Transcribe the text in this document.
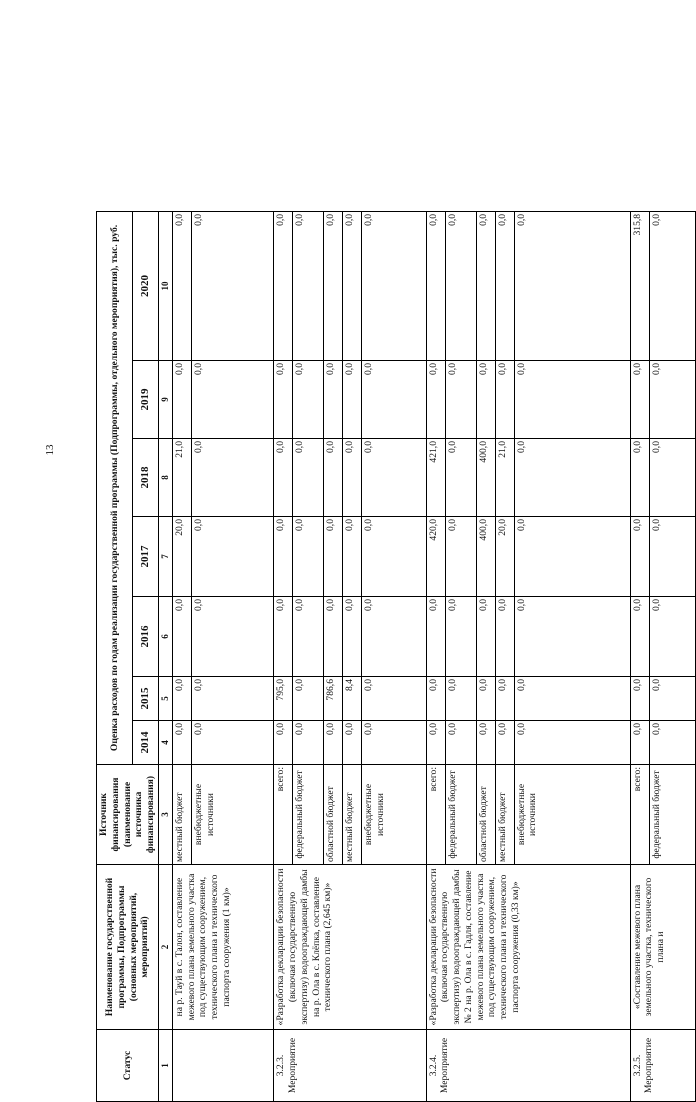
13
Статус	Наименование государственной программы, Подпрограммы (основных мероприятий, мероприятий)	Источник финансирования (наименование источника финансирования)	Оценка расходов по годам реализации государственной программы (Подпрограммы, отдельного мероприятия), тыс. руб.						
			2014	2015	2016	2017	2018	2019	2020
1	2	3	4	5	6	7	8	9	10
	на р. Тауй в с. Талон, составление межевого плана земельного участка под существующим сооружением, технического плана и технического паспорта сооружения (1 км)»	местный бюджет	0,0	0,0	0,0	20,0	21,0	0,0	0,0
		внебюджетные источники	0,0	0,0	0,0	0,0	0,0	0,0	0,0

3.2.3. Мероприятие	«Разработка декларации безопасности (включая государственную экспертизу) водоограждающей дамбы на р. Ола в с. Клёпка, составление технического плана (2,645 км)»	всего:	0,0	795,0	0,0	0,0	0,0	0,0	0,0
		федеральный бюджет	0,0	0,0	0,0	0,0	0,0	0,0	0,0
		областной бюджет	0,0	786,6	0,0	0,0	0,0	0,0	0,0
		местный бюджет	0,0	8,4	0,0	0,0	0,0	0,0	0,0
		внебюджетные источники	0,0	0,0	0,0	0,0	0,0	0,0	0,0

3.2.4. Мероприятие	«Разработка декларации безопасности (включая государственную экспертизу) водоограждающей дамбы № 2 на р. Ола в с. Гадля, составление межевого плана земельного участка под существующим сооружением, технического плана и технического паспорта сооружения (0,33 км)»	всего:	0,0	0,0	0,0	420,0	421,0	0,0	0,0
		федеральный бюджет	0,0	0,0	0,0	0,0	0,0	0,0	0,0
		областной бюджет	0,0	0,0	0,0	400,0	400,0	0,0	0,0
		местный бюджет	0,0	0,0	0,0	20,0	21,0	0,0	0,0
		внебюджетные источники	0,0	0,0	0,0	0,0	0,0	0,0	0,0

3.2.5. Мероприятие	«Составление межевого плана земельного участка, технического плана и	всего:	0,0	0,0	0,0	0,0	0,0	0,0	315,8
		федеральный бюджет	0,0	0,0	0,0	0,0	0,0	0,0	0,0
